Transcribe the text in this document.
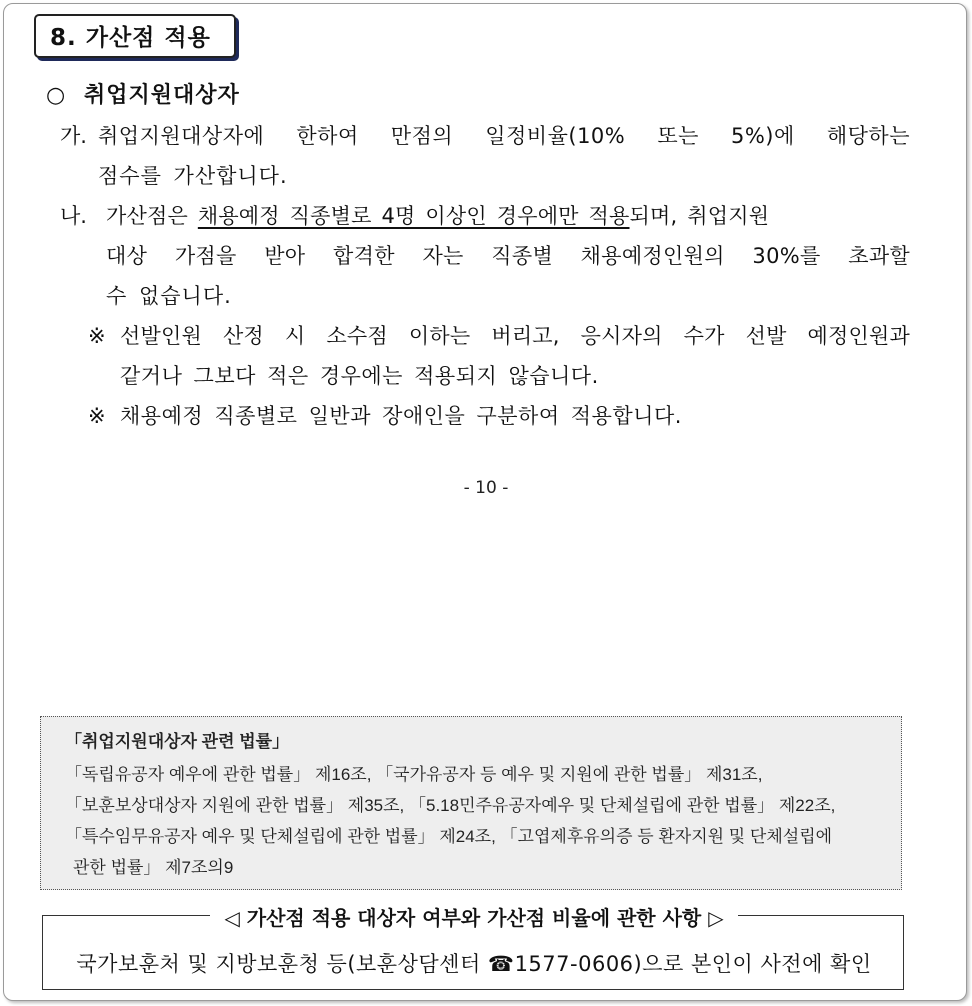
8. 가산점 적용
○ 취업지원대상자
가. 취업지원대상자에 한하여 만점의 일정비율(10% 또는 5%)에 해당하는
점수를 가산합니다.
나. 가산점은 채용예정 직종별로 4명 이상인 경우에만 적용되며, 취업지원
대상 가점을 받아 합격한 자는 직종별 채용예정인원의 30%를 초과할
수 없습니다.
※ 선발인원 산정 시 소수점 이하는 버리고, 응시자의 수가 선발 예정인원과
같거나 그보다 적은 경우에는 적용되지 않습니다.
※ 채용예정 직종별로 일반과 장애인을 구분하여 적용합니다.
- 10 -
「취업지원대상자 관련 법률」
「독립유공자 예우에 관한 법률」 제16조, 「국가유공자 등 예우 및 지원에 관한 법률」 제31조,
「보훈보상대상자 지원에 관한 법률」 제35조, 「5.18민주유공자예우 및 단체설립에 관한 법률」 제22조,
「특수임무유공자 예우 및 단체설립에 관한 법률」 제24조, 「고엽제후유의증 등 환자지원 및 단체설립에
관한 법률」 제7조의9
◁ 가산점 적용 대상자 여부와 가산점 비율에 관한 사항 ▷
국가보훈처 및 지방보훈청 등(보훈상담센터 ☎1577-0606)으로 본인이 사전에 확인
